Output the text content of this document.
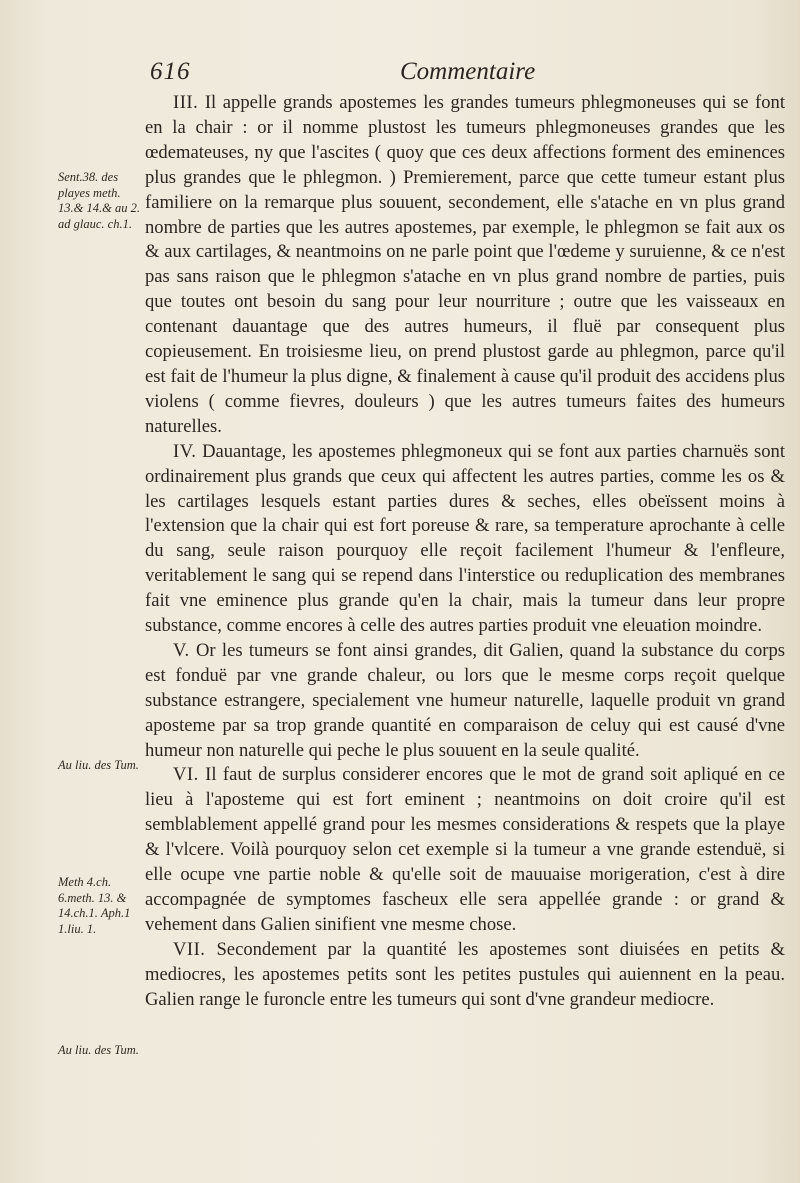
616	Commentaire
Sent.38. des playes meth. 13.& 14.& au 2. ad glauc. ch.1.
Au liu. des Tum.
Meth 4.ch. 6.meth. 13. & 14.ch.1. Aph.1 1.liu. 1.
Au liu. des Tum.

III. Il appelle grands apostemes les grandes tumeurs phlegmoneuses qui se font en la chair : or il nomme plustost les tumeurs phlegmoneuses grandes que les œdemateuses, ny que l'ascites ( quoy que ces deux affections forment des eminences plus grandes que le phlegmon. ) Premierement, parce que cette tumeur estant plus familiere on la remarque plus souuent, secondement, elle s'atache en vn plus grand nombre de parties que les autres apostemes, par exemple, le phlegmon se fait aux os & aux cartilages, & neantmoins on ne parle point que l'œdeme y suruienne, & ce n'est pas sans raison que le phlegmon s'atache en vn plus grand nombre de parties, puis que toutes ont besoin du sang pour leur nourriture ; outre que les vaisseaux en contenant dauantage que des autres humeurs, il fluë par consequent plus copieusement. En troisiesme lieu, on prend plustost garde au phlegmon, parce qu'il est fait de l'humeur la plus digne, & finalement à cause qu'il produit des accidens plus violens ( comme fievres, douleurs ) que les autres tumeurs faites des humeurs naturelles.

IV. Dauantage, les apostemes phlegmoneux qui se font aux parties charnuës sont ordinairement plus grands que ceux qui affectent les autres parties, comme les os & les cartilages lesquels estant parties dures & seches, elles obeïssent moins à l'extension que la chair qui est fort poreuse & rare, sa temperature aprochante à celle du sang, seule raison pourquoy elle reçoit facilement l'humeur & l'enfleure, veritablement le sang qui se repend dans l'interstice ou reduplication des membranes fait vne eminence plus grande qu'en la chair, mais la tumeur dans leur propre substance, comme encores à celle des autres parties produit vne eleuation moindre.

V. Or les tumeurs se font ainsi grandes, dit Galien, quand la substance du corps est fonduë par vne grande chaleur, ou lors que le mesme corps reçoit quelque substance estrangere, specialement vne humeur naturelle, laquelle produit vn grand aposteme par sa trop grande quantité en comparaison de celuy qui est causé d'vne humeur non naturelle qui peche le plus souuent en la seule qualité.

VI. Il faut de surplus considerer encores que le mot de grand soit apliqué en ce lieu à l'aposteme qui est fort eminent ; neantmoins on doit croire qu'il est semblablement appellé grand pour les mesmes considerations & respets que la playe & l'vlcere. Voilà pourquoy selon cet exemple si la tumeur a vne grande estenduë, si elle ocupe vne partie noble & qu'elle soit de mauuaise morigeration, c'est à dire accompagnée de symptomes fascheux elle sera appellée grande : or grand & vehement dans Galien sinifient vne mesme chose.

VII. Secondement par la quantité les apostemes sont diuisées en petits & mediocres, les apostemes petits sont les petites pustules qui auiennent en la peau. Galien range le furoncle entre les tumeurs qui sont d'vne grandeur mediocre.
